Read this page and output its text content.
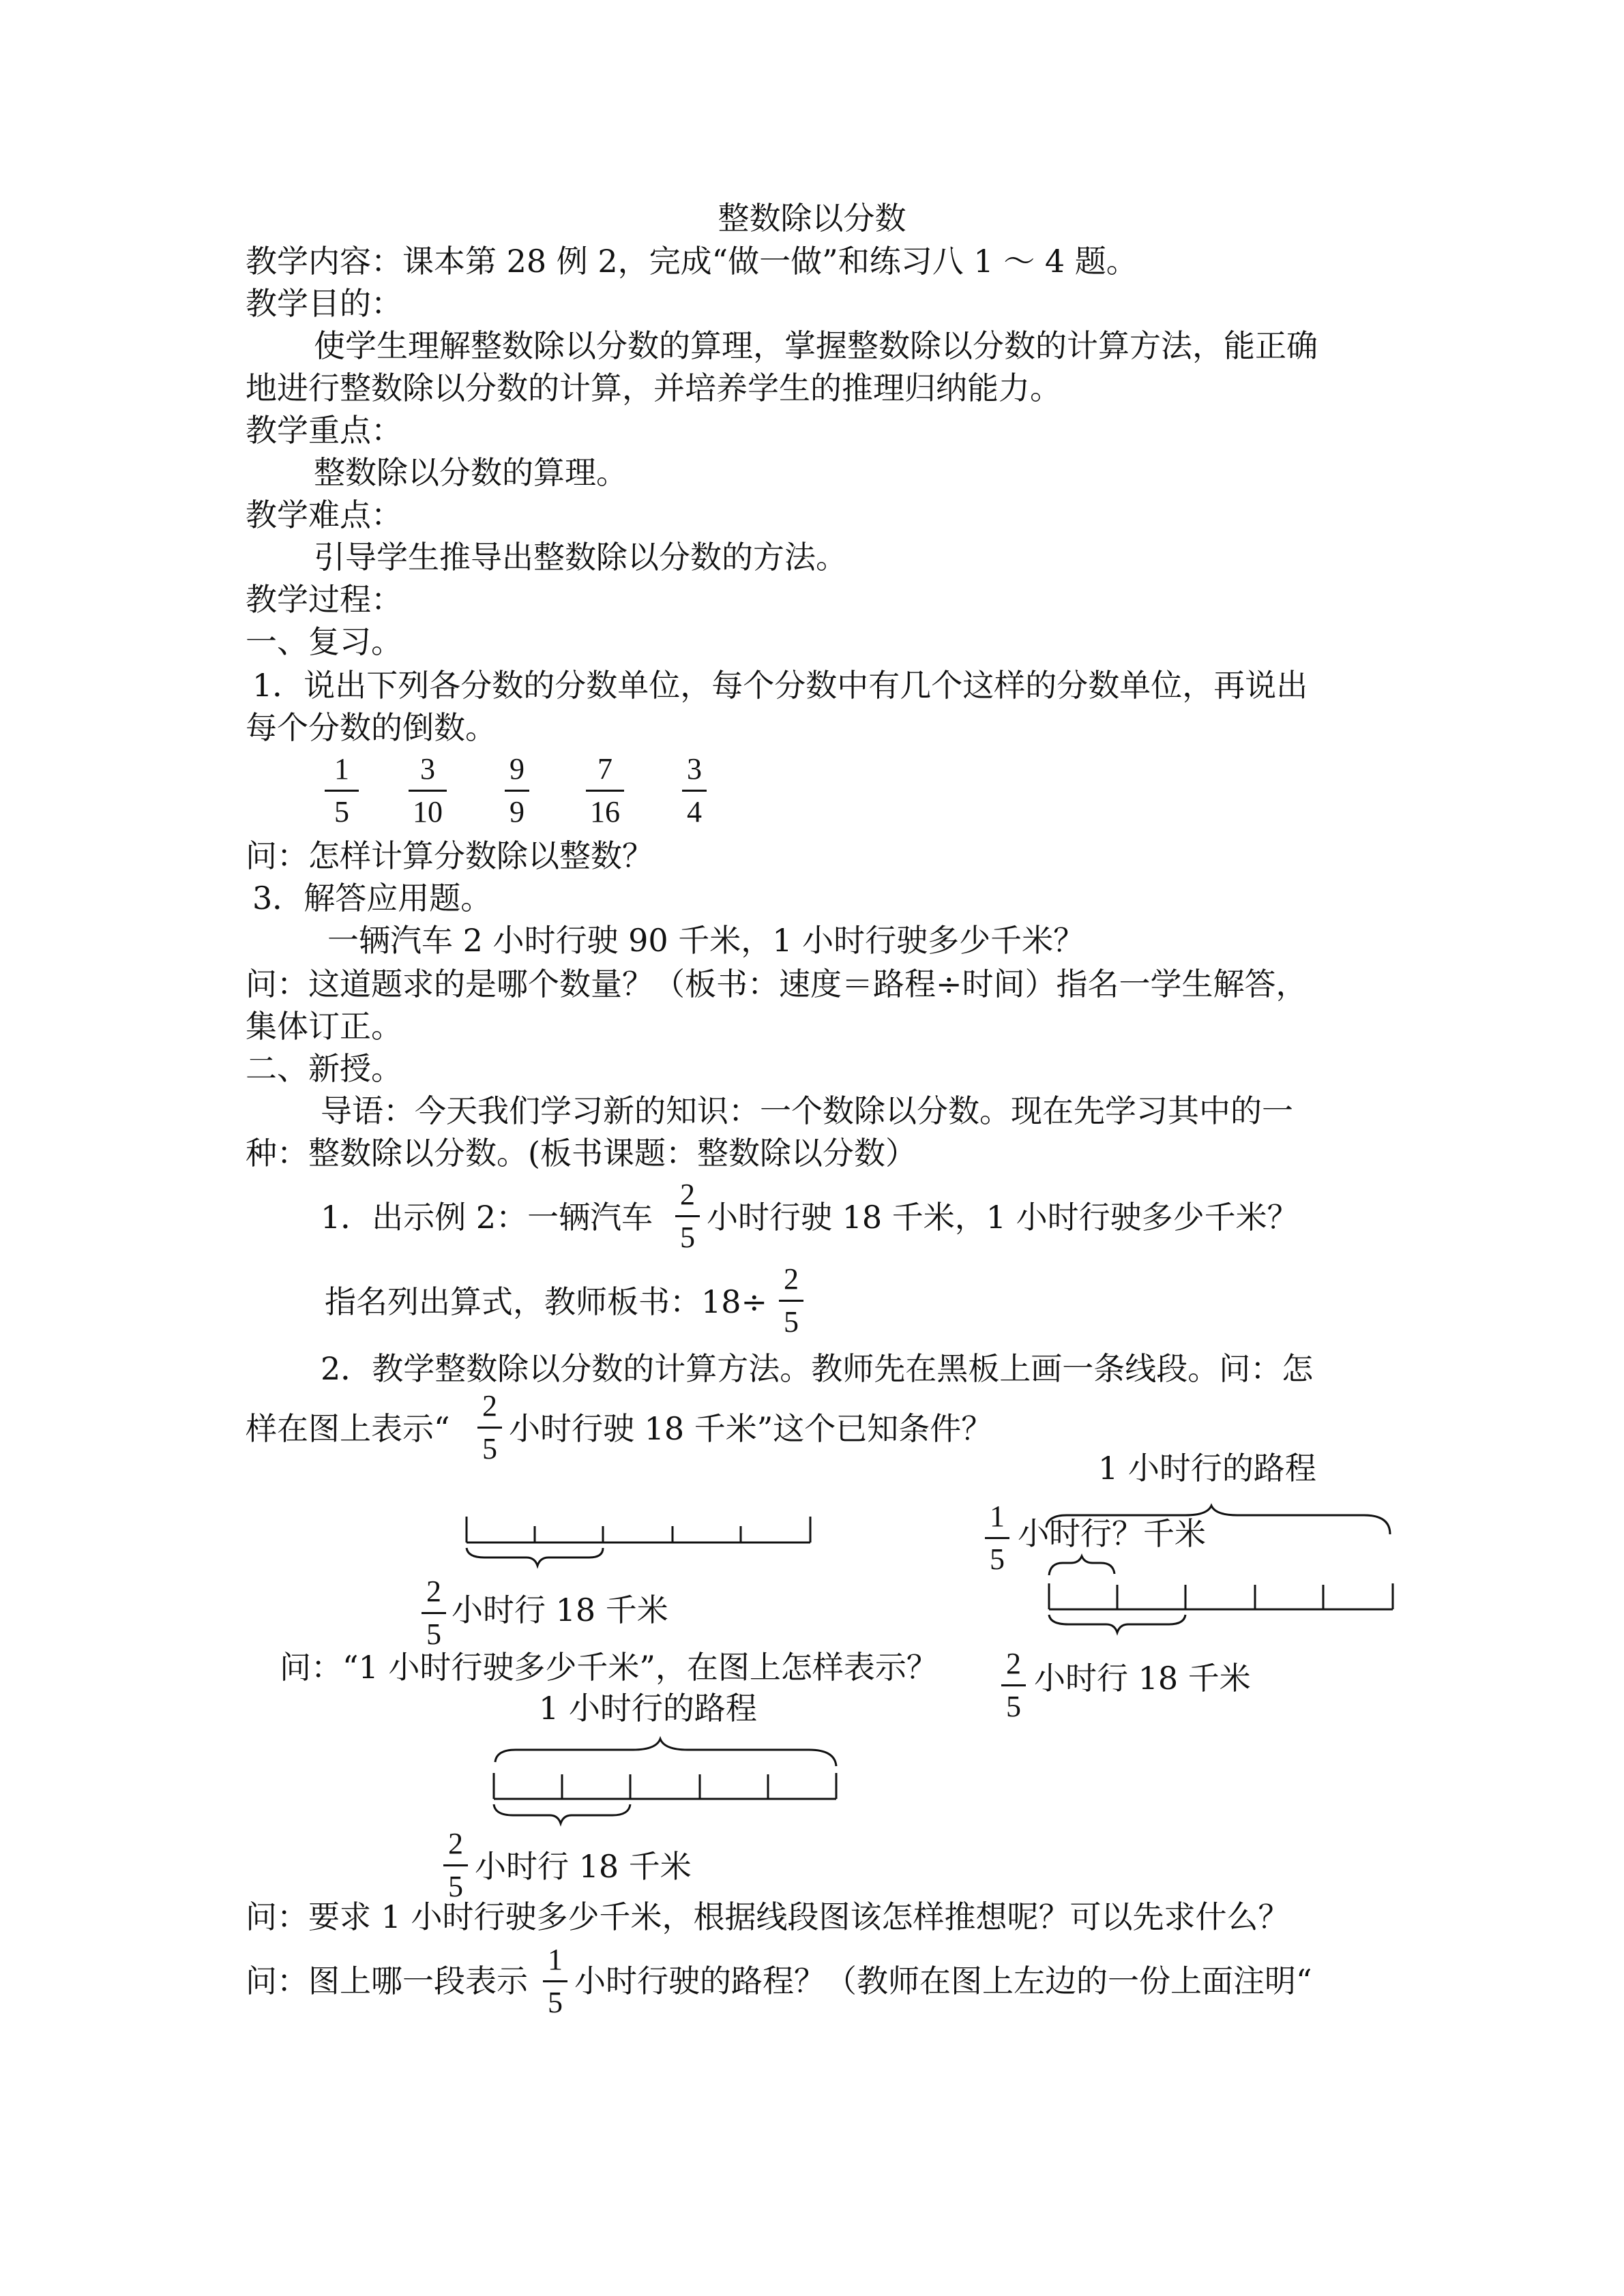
整数除以分数
教学内容：课本第 28 例 2，完成“做一做”和练习八 1 ～ 4 题。
教学目的：
使学生理解整数除以分数的算理，掌握整数除以分数的计算方法，能正确
地进行整数除以分数的计算，并培养学生的推理归纳能力。
教学重点：
整数除以分数的算理。
教学难点：
引导学生推导出整数除以分数的方法。
教学过程：
一、复习。
1．说出下列各分数的分数单位，每个分数中有几个这样的分数单位，再说出
每个分数的倒数。
1
5
3
10
9
9
7
16
3
4
问：怎样计算分数除以整数？
3．解答应用题。
一辆汽车 2 小时行驶 90 千米，1 小时行驶多少千米？
问：这道题求的是哪个数量？（板书：速度＝路程÷时间）指名一学生解答，
集体订正。
二、新授。
导语：今天我们学习新的知识：一个数除以分数。现在先学习其中的一
种：整数除以分数。(板书课题：整数除以分数）
1．出示例 2：一辆汽车
2
5
小时行驶 18 千米，1 小时行驶多少千米？
指名列出算式，教师板书：18÷
2
5
2．教学整数除以分数的计算方法。教师先在黑板上画一条线段。问：怎
样在图上表示“
2
5
小时行驶 18 千米”这个已知条件？
2
5
小时行 18 千米
1 小时行的路程
1
5
小时行？千米
2
5
小时行 18 千米
问：“1 小时行驶多少千米”，在图上怎样表示？
1 小时行的路程
2
5
小时行 18 千米
问：要求 1 小时行驶多少千米，根据线段图该怎样推想呢？可以先求什么？
问：图上哪一段表示
1
5
小时行驶的路程？（教师在图上左边的一份上面注明“
